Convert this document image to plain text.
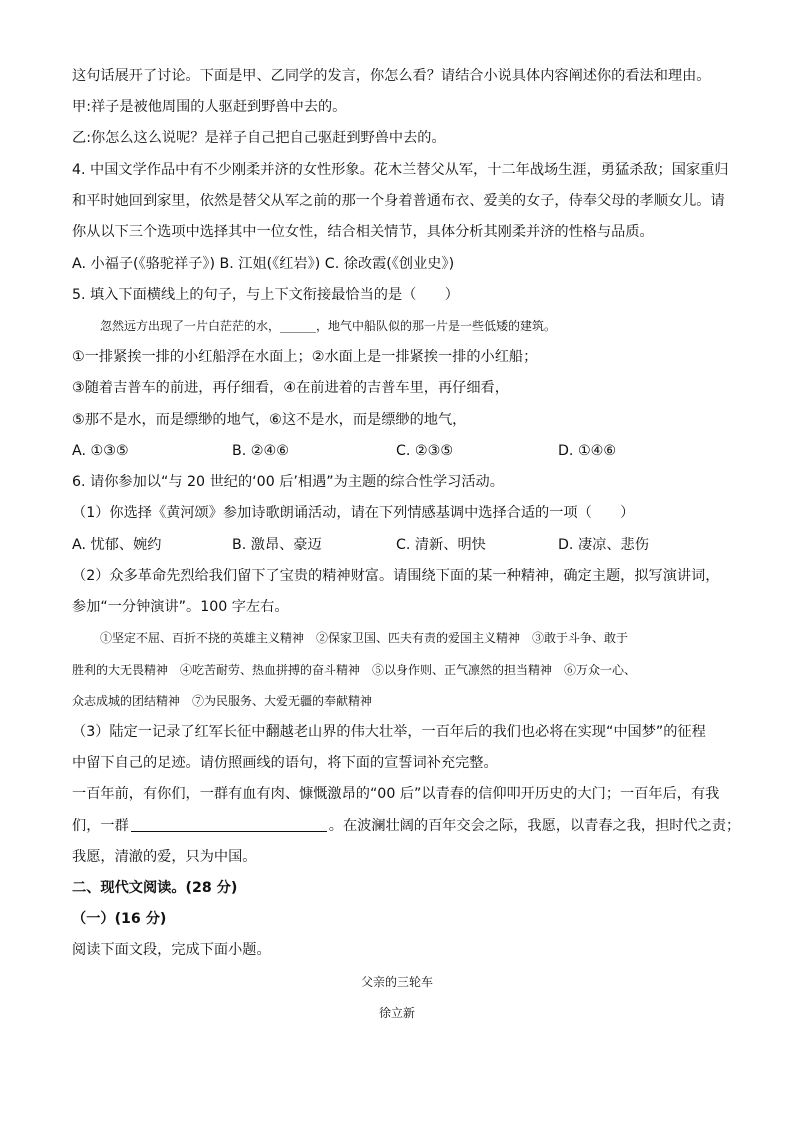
这句话展开了讨论。下面是甲、乙同学的发言，你怎么看？请结合小说具体内容阐述你的看法和理由。
甲:祥子是被他周围的人驱赶到野兽中去的。
乙:你怎么这么说呢？是祥子自己把自己驱赶到野兽中去的。
4. 中国文学作品中有不少刚柔并济的女性形象。花木兰替父从军，十二年战场生涯，勇猛杀敌；国家重归
和平时她回到家里，依然是替父从军之前的那一个身着普通布衣、爱美的女子，侍奉父母的孝顺女儿。请
你从以下三个选项中选择其中一位女性，结合相关情节，具体分析其刚柔并济的性格与品质。
A. 小福子(《骆驼祥子》) B. 江姐(《红岩》) C. 徐改霞(《创业史》)
5. 填入下面横线上的句子，与上下文衔接最恰当的是（　　）
忽然远方出现了一片白茫茫的水，______，地气中船队似的那一片是一些低矮的建筑。
①一排紧挨一排的小红船浮在水面上；②水面上是一排紧挨一排的小红船；
③随着吉普车的前进，再仔细看，④在前进着的吉普车里，再仔细看，
⑤那不是水，而是缥缈的地气，⑥这不是水，而是缥缈的地气，
A. ①③⑤	B. ②④⑥	C. ②③⑤	D. ①④⑥
6. 请你参加以“与 20 世纪的‘00 后’相遇”为主题的综合性学习活动。
（1）你选择《黄河颂》参加诗歌朗诵活动，请在下列情感基调中选择合适的一项（　　）
A. 忧郁、婉约	B. 激昂、豪迈	C. 清新、明快	D. 凄凉、悲伤
（2）众多革命先烈给我们留下了宝贵的精神财富。请围绕下面的某一种精神，确定主题，拟写演讲词，
参加“一分钟演讲”。100 字左右。
①坚定不屈、百折不挠的英雄主义精神　②保家卫国、匹夫有责的爱国主义精神　③敢于斗争、敢于
胜利的大无畏精神　④吃苦耐劳、热血拼搏的奋斗精神　⑤以身作则、正气凛然的担当精神　⑥万众一心、
众志成城的团结精神　⑦为民服务、大爱无疆的奉献精神
（3）陆定一记录了红军长征中翻越老山界的伟大壮举，一百年后的我们也必将在实现“中国梦”的征程
中留下自己的足迹。请仿照画线的语句，将下面的宣誓词补充完整。
一百年前，有你们，一群有血有肉、慷慨激昂的“00 后”以青春的信仰叩开历史的大门；一百年后，有我
们，一群	。在波澜壮阔的百年交会之际，我愿，以青春之我，担时代之责；
我愿，清澈的爱，只为中国。
二、现代文阅读。(28 分)
（一）(16 分)
阅读下面文段，完成下面小题。
父亲的三轮车
徐立新
